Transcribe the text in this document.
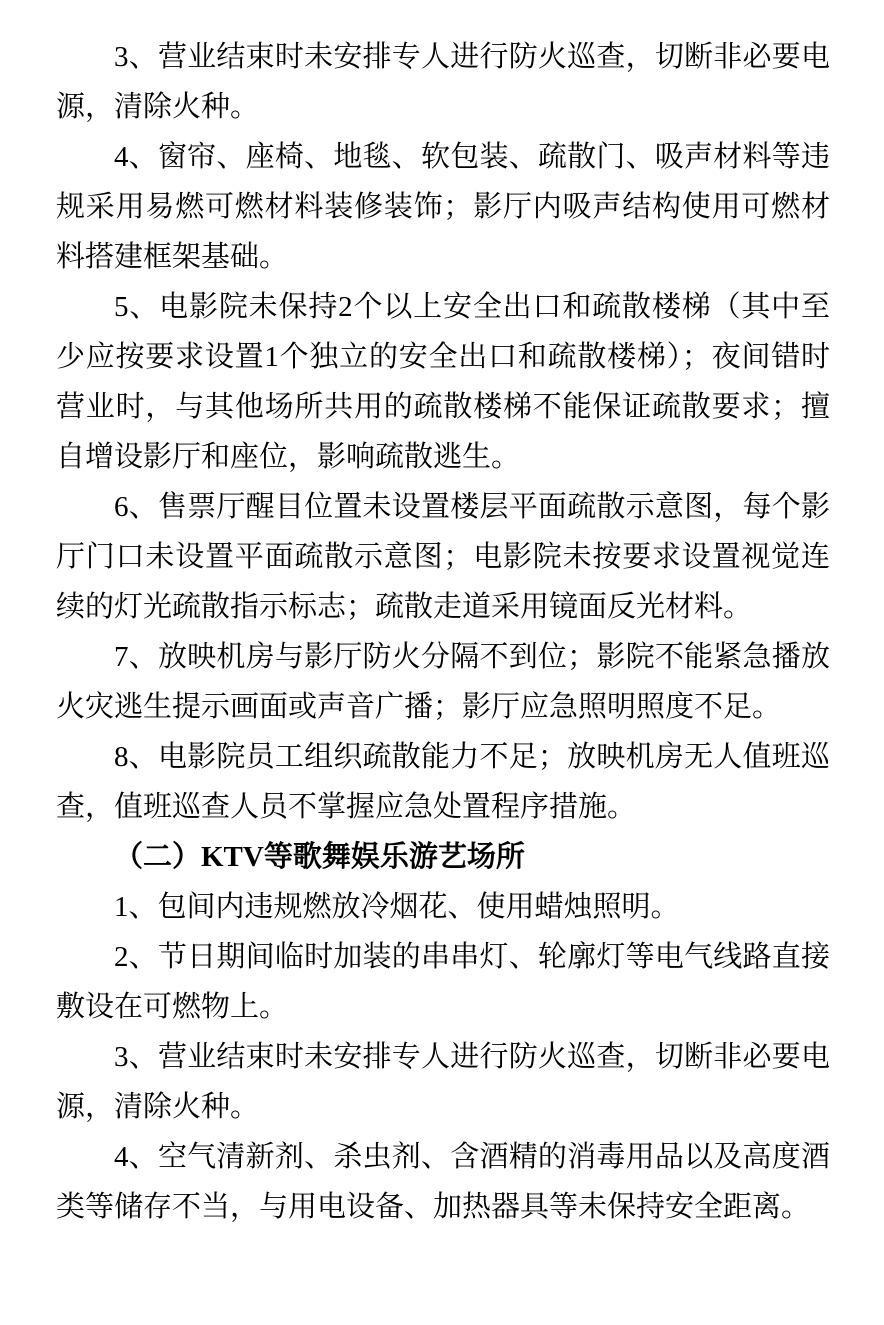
3、营业结束时未安排专人进行防火巡查，切断非必要电源，清除火种。

4、窗帘、座椅、地毯、软包装、疏散门、吸声材料等违规采用易燃可燃材料装修装饰；影厅内吸声结构使用可燃材料搭建框架基础。

5、电影院未保持2个以上安全出口和疏散楼梯（其中至少应按要求设置1个独立的安全出口和疏散楼梯）；夜间错时营业时，与其他场所共用的疏散楼梯不能保证疏散要求；擅自增设影厅和座位，影响疏散逃生。

6、售票厅醒目位置未设置楼层平面疏散示意图，每个影厅门口未设置平面疏散示意图；电影院未按要求设置视觉连续的灯光疏散指示标志；疏散走道采用镜面反光材料。

7、放映机房与影厅防火分隔不到位；影院不能紧急播放火灾逃生提示画面或声音广播；影厅应急照明照度不足。

8、电影院员工组织疏散能力不足；放映机房无人值班巡查，值班巡查人员不掌握应急处置程序措施。

（二）KTV等歌舞娱乐游艺场所

1、包间内违规燃放冷烟花、使用蜡烛照明。

2、节日期间临时加装的串串灯、轮廓灯等电气线路直接敷设在可燃物上。

3、营业结束时未安排专人进行防火巡查，切断非必要电源，清除火种。

4、空气清新剂、杀虫剂、含酒精的消毒用品以及高度酒类等储存不当，与用电设备、加热器具等未保持安全距离。
